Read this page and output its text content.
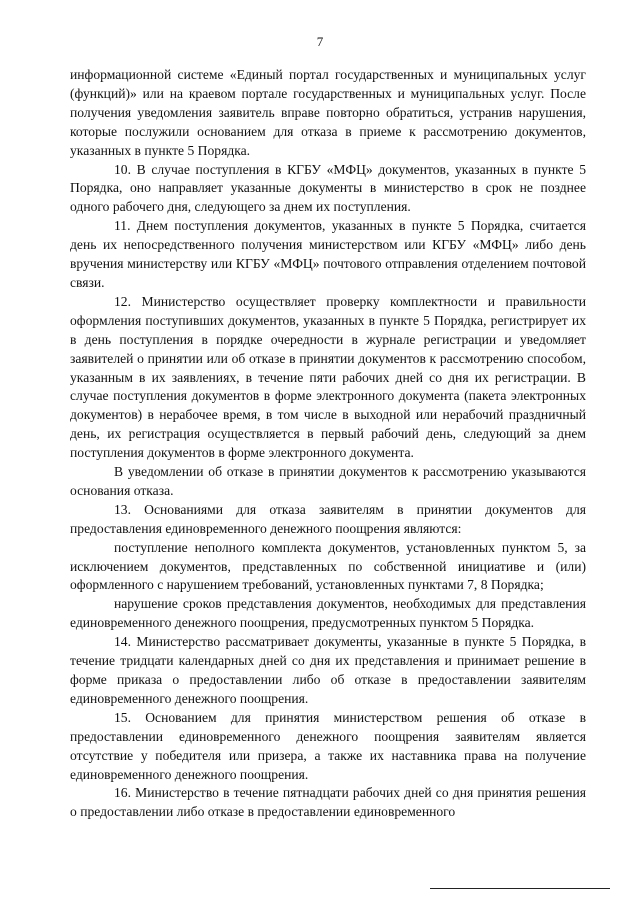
7

информационной системе «Единый портал государственных и муниципальных услуг (функций)» или на краевом портале государственных и муниципальных услуг. После получения уведомления заявитель вправе повторно обратиться, устранив нарушения, которые послужили основанием для отказа в приеме к рассмотрению документов, указанных в пункте 5 Порядка.

10. В случае поступления в КГБУ «МФЦ» документов, указанных в пункте 5 Порядка, оно направляет указанные документы в министерство в срок не позднее одного рабочего дня, следующего за днем их поступления.

11. Днем поступления документов, указанных в пункте 5 Порядка, считается день их непосредственного получения министерством или КГБУ «МФЦ» либо день вручения министерству или КГБУ «МФЦ» почтового отправления отделением почтовой связи.

12. Министерство осуществляет проверку комплектности и правильности оформления поступивших документов, указанных в пункте 5 Порядка, регистрирует их в день поступления в порядке очередности в журнале регистрации и уведомляет заявителей о принятии или об отказе в принятии документов к рассмотрению способом, указанным в их заявлениях, в течение пяти рабочих дней со дня их регистрации. В случае поступления документов в форме электронного документа (пакета электронных документов) в нерабочее время, в том числе в выходной или нерабочий праздничный день, их регистрация осуществляется в первый рабочий день, следующий за днем поступления документов в форме электронного документа.

В уведомлении об отказе в принятии документов к рассмотрению указываются основания отказа.

13. Основаниями для отказа заявителям в принятии документов для предоставления единовременного денежного поощрения являются:

поступление неполного комплекта документов, установленных пунктом 5, за исключением документов, представленных по собственной инициативе и (или) оформленного с нарушением требований, установленных пунктами 7, 8 Порядка;

нарушение сроков представления документов, необходимых для представления единовременного денежного поощрения, предусмотренных пунктом 5 Порядка.

14. Министерство рассматривает документы, указанные в пункте 5 Порядка, в течение тридцати календарных дней со дня их представления и принимает решение в форме приказа о предоставлении либо об отказе в предоставлении заявителям единовременного денежного поощрения.

15. Основанием для принятия министерством решения об отказе в предоставлении единовременного денежного поощрения заявителям является отсутствие у победителя или призера, а также их наставника права на получение единовременного денежного поощрения.

16. Министерство в течение пятнадцати рабочих дней со дня принятия решения о предоставлении либо отказе в предоставлении единовременного
